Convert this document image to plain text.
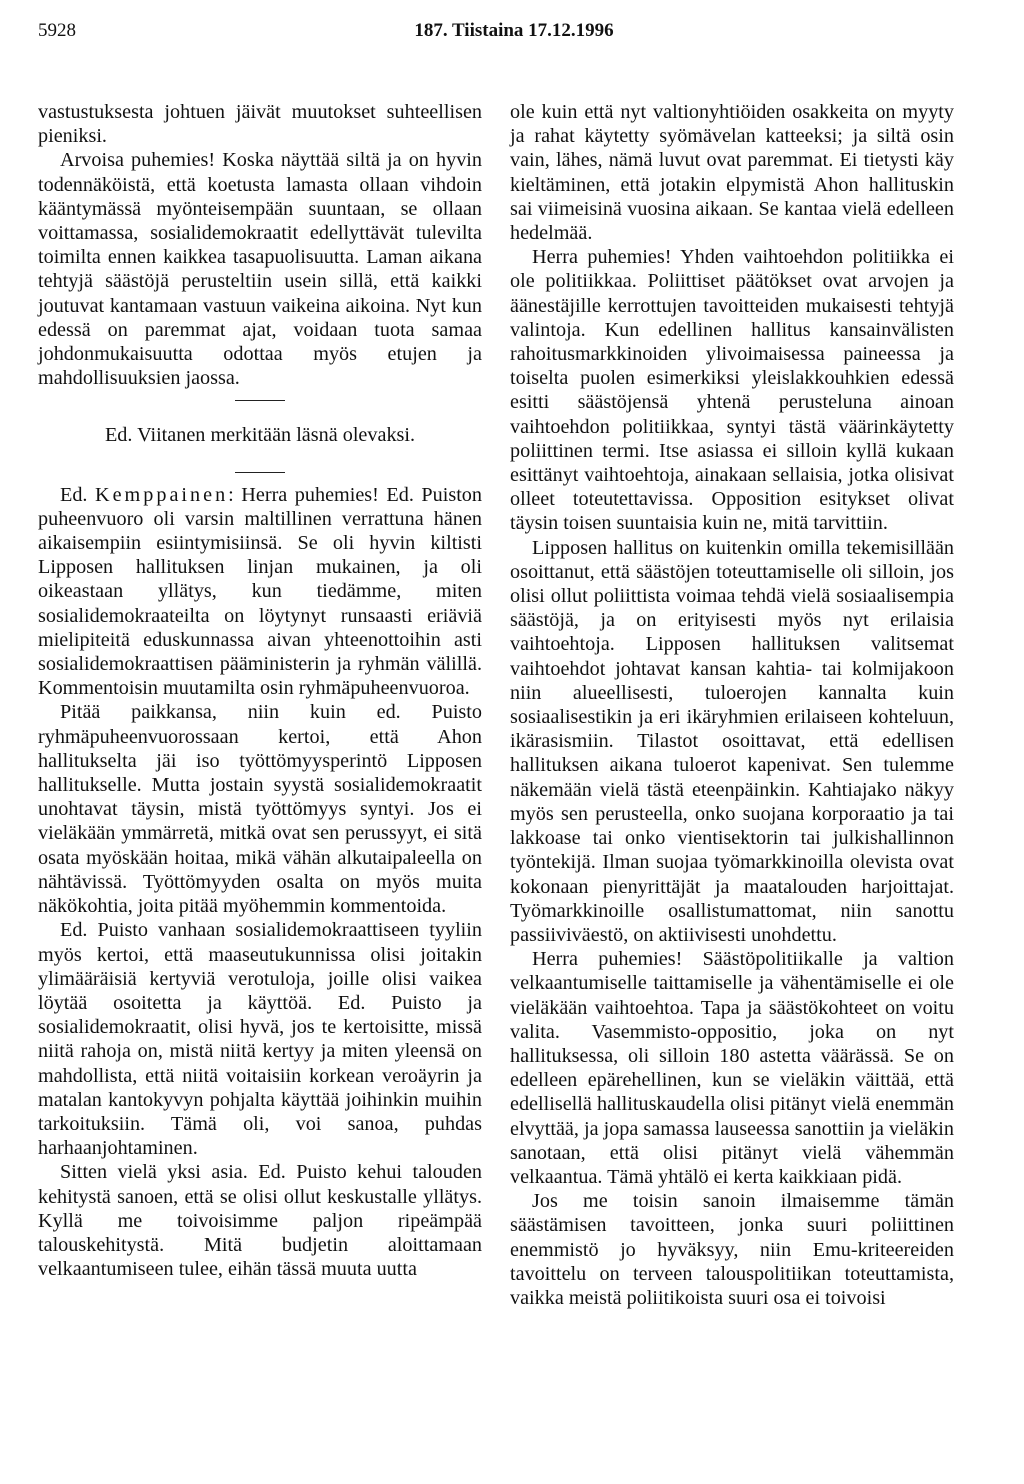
5928	187. Tiistaina 17.12.1996

vastustuksesta johtuen jäivät muutokset suhteellisen pieniksi.

Arvoisa puhemies! Koska näyttää siltä ja on hyvin todennäköistä, että koetusta lamasta ollaan vihdoin kääntymässä myönteisempään suuntaan, se ollaan voittamassa, sosialidemokraatit edellyttävät tulevilta toimilta ennen kaikkea tasapuolisuutta. Laman aikana tehtyjä säästöjä perusteltiin usein sillä, että kaikki joutuvat kantamaan vastuun vaikeina aikoina. Nyt kun edessä on paremmat ajat, voidaan tuota samaa johdonmukaisuutta odottaa myös etujen ja mahdollisuuksien jaossa.

Ed. Viitanen merkitään läsnä olevaksi.

Ed. Kemppainen: Herra puhemies! Ed. Puiston puheenvuoro oli varsin maltillinen verrattuna hänen aikaisempiin esiintymisiinsä. Se oli hyvin kiltisti Lipposen hallituksen linjan mukainen, ja oli oikeastaan yllätys, kun tiedämme, miten sosialidemokraateilta on löytynyt runsaasti eriäviä mielipiteitä eduskunnassa aivan yhteenottoihin asti sosialidemokraattisen pääministerin ja ryhmän välillä. Kommentoisin muutamilta osin ryhmäpuheenvuoroa.

Pitää paikkansa, niin kuin ed. Puisto ryhmäpuheenvuorossaan kertoi, että Ahon hallitukselta jäi iso työttömyysperintö Lipposen hallitukselle. Mutta jostain syystä sosialidemokraatit unohtavat täysin, mistä työttömyys syntyi. Jos ei vieläkään ymmärretä, mitkä ovat sen perussyyt, ei sitä osata myöskään hoitaa, mikä vähän alkutaipaleella on nähtävissä. Työttömyyden osalta on myös muita näkökohtia, joita pitää myöhemmin kommentoida.

Ed. Puisto vanhaan sosialidemokraattiseen tyyliin myös kertoi, että maaseutukunnissa olisi joitakin ylimääräisiä kertyviä verotuloja, joille olisi vaikea löytää osoitetta ja käyttöä. Ed. Puisto ja sosialidemokraatit, olisi hyvä, jos te kertoisitte, missä niitä rahoja on, mistä niitä kertyy ja miten yleensä on mahdollista, että niitä voitaisiin korkean veroäyrin ja matalan kantokyvyn pohjalta käyttää joihinkin muihin tarkoituksiin. Tämä oli, voi sanoa, puhdas harhaanjohtaminen.

Sitten vielä yksi asia. Ed. Puisto kehui talouden kehitystä sanoen, että se olisi ollut keskustalle yllätys. Kyllä me toivoisimme paljon ripeämpää talouskehitystä. Mitä budjetin aloittamaan velkaantumiseen tulee, eihän tässä muuta uutta

ole kuin että nyt valtionyhtiöiden osakkeita on myyty ja rahat käytetty syömävelan katteeksi; ja siltä osin vain, lähes, nämä luvut ovat paremmat. Ei tietysti käy kieltäminen, että jotakin elpymistä Ahon hallituskin sai viimeisinä vuosina aikaan. Se kantaa vielä edelleen hedelmää.

Herra puhemies! Yhden vaihtoehdon politiikka ei ole politiikkaa. Poliittiset päätökset ovat arvojen ja äänestäjille kerrottujen tavoitteiden mukaisesti tehtyjä valintoja. Kun edellinen hallitus kansainvälisten rahoitusmarkkinoiden ylivoimaisessa paineessa ja toiselta puolen esimerkiksi yleislakkouhkien edessä esitti säästöjensä yhtenä perusteluna ainoan vaihtoehdon politiikkaa, syntyi tästä väärinkäytetty poliittinen termi. Itse asiassa ei silloin kyllä kukaan esittänyt vaihtoehtoja, ainakaan sellaisia, jotka olisivat olleet toteutettavissa. Opposition esitykset olivat täysin toisen suuntaisia kuin ne, mitä tarvittiin.

Lipposen hallitus on kuitenkin omilla tekemisillään osoittanut, että säästöjen toteuttamiselle oli silloin, jos olisi ollut poliittista voimaa tehdä vielä sosiaalisempia säästöjä, ja on erityisesti myös nyt erilaisia vaihtoehtoja. Lipposen hallituksen valitsemat vaihtoehdot johtavat kansan kahtia- tai kolmijakoon niin alueellisesti, tuloerojen kannalta kuin sosiaalisestikin ja eri ikäryhmien erilaiseen kohteluun, ikärasismiin. Tilastot osoittavat, että edellisen hallituksen aikana tuloerot kapenivat. Sen tulemme näkemään vielä tästä eteenpäinkin. Kahtiajako näkyy myös sen perusteella, onko suojana korporaatio ja tai lakkoase tai onko vientisektorin tai julkishallinnon työntekijä. Ilman suojaa työmarkkinoilla olevista ovat kokonaan pienyrittäjät ja maatalouden harjoittajat. Työmarkkinoille osallistumattomat, niin sanottu passiiviväestö, on aktiivisesti unohdettu.

Herra puhemies! Säästöpolitiikalle ja valtion velkaantumiselle taittamiselle ja vähentämiselle ei ole vieläkään vaihtoehtoa. Tapa ja säästökohteet on voitu valita. Vasemmisto-oppositio, joka on nyt hallituksessa, oli silloin 180 astetta väärässä. Se on edelleen epärehellinen, kun se vieläkin väittää, että edellisellä hallituskaudella olisi pitänyt vielä enemmän elvyttää, ja jopa samassa lauseessa sanottiin ja vieläkin sanotaan, että olisi pitänyt vielä vähemmän velkaantua. Tämä yhtälö ei kerta kaikkiaan pidä.

Jos me toisin sanoin ilmaisemme tämän säästämisen tavoitteen, jonka suuri poliittinen enemmistö jo hyväksyy, niin Emu-kriteereiden tavoittelu on terveen talouspolitiikan toteuttamista, vaikka meistä poliitikoista suuri osa ei toivoisi
